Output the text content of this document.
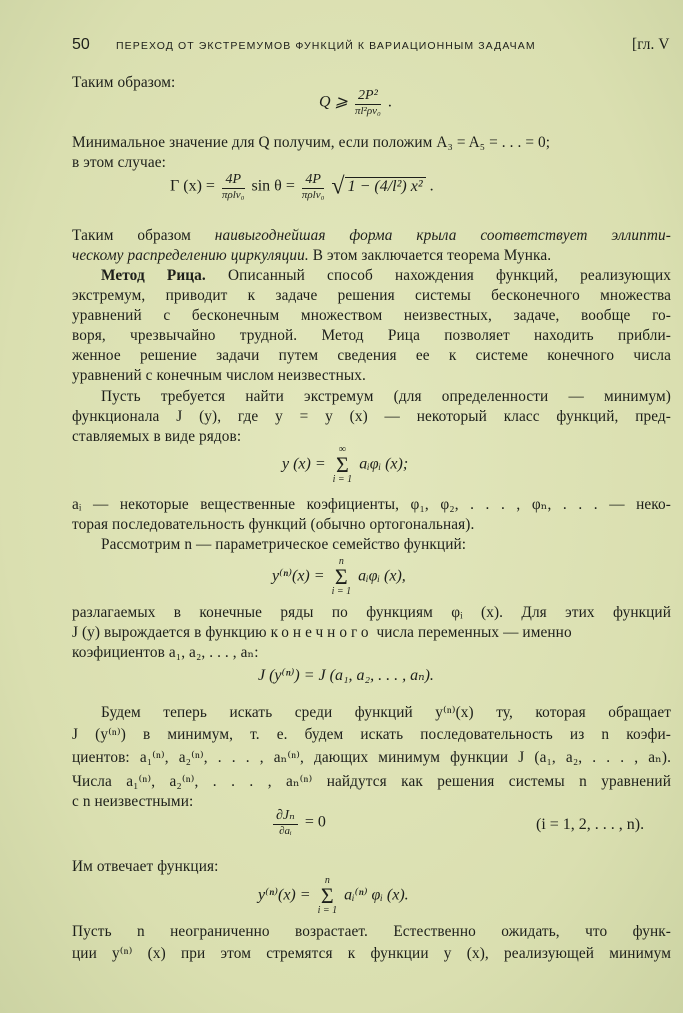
50 ПЕРЕХОД ОТ ЭКСТРЕМУМОВ ФУНКЦИЙ К ВАРИАЦИОННЫМ ЗАДАЧАМ	[гл. V
Таким образом:
Q ⩾ $\frac{\text{2P²}}{\text{πl²ρv₀}}$ .
Минимальное значение для Q получим, если положим A₃ = A₅ = . . . = 0;
в этом случае:
Γ $(x) = \frac{4P}{\text{πρlv₀}}$ $\sin \theta = \frac{4P}{\text{πρlv₀}}$ √ 1 − (4/l²) x² .
Таким образом наивыгоднейшая форма крыла соответствует эллипти-
ческому распределению циркуляции. В этом заключается теорема Мунка.
Метод Рица. Описанный способ нахождения функций, реализующих
экстремум, приводит к задаче решения системы бесконечного множества
уравнений с бесконечным множеством неизвестных, задаче, вообще го-
воря, чрезвычайно трудной. Метод Рица позволяет находить прибли-
женное решение задачи путем сведения ее к системе конечного числа
уравнений с конечным числом неизвестных.
Пусть требуется найти экстремум (для определенности — минимум)
функционала J (y), где y = y (x) — некоторый класс функций, пред-
ставляемых в виде рядов:
y (x) =
∞
Σ
i = 1
aᵢφᵢ (x);
aᵢ — некоторые вещественные коэфициенты, φ₁, φ₂, . . . , φₙ, . . . — неко-
торая последовательность функций (обычно ортогональная).
Рассмотрим n — параметрическое семейство функций:
y⁽ⁿ⁾(x) =
n
Σ
i = 1
aᵢφᵢ (x),
разлагаемых в конечные ряды по функциям φᵢ (x). Для этих функций
J (y) вырождается в функцию конечного числа переменных — именно
коэфициентов a₁, a₂, . . . , aₙ:
J (y⁽ⁿ⁾) = J (a₁, a₂, . . . , aₙ).
Будем теперь искать среди функций y⁽ⁿ⁾(x) ту, которая обращает
J (y⁽ⁿ⁾) в минимум, т. е. будем искать последовательность из n коэфи-
циентов: a₁⁽ⁿ⁾, a₂⁽ⁿ⁾, . . . , aₙ⁽ⁿ⁾, дающих минимум функции J (a₁, a₂, . . . , aₙ).
Числа a₁⁽ⁿ⁾, a₂⁽ⁿ⁾, . . . , aₙ⁽ⁿ⁾ найдутся как решения системы n уравнений
с n неизвестными:
$\frac{\text{∂Jₙ}}{\text{∂aᵢ}} = 0$	(i = 1, 2, . . . , n).
Им отвечает функция:
y⁽ⁿ⁾(x) =
n
Σ
i = 1
aᵢ⁽ⁿ⁾ φᵢ (x).
Пусть n неограниченно возрастает. Естественно ожидать, что функ-
ции y⁽ⁿ⁾ (x) при этом стремятся к функции y (x), реализующей минимум
